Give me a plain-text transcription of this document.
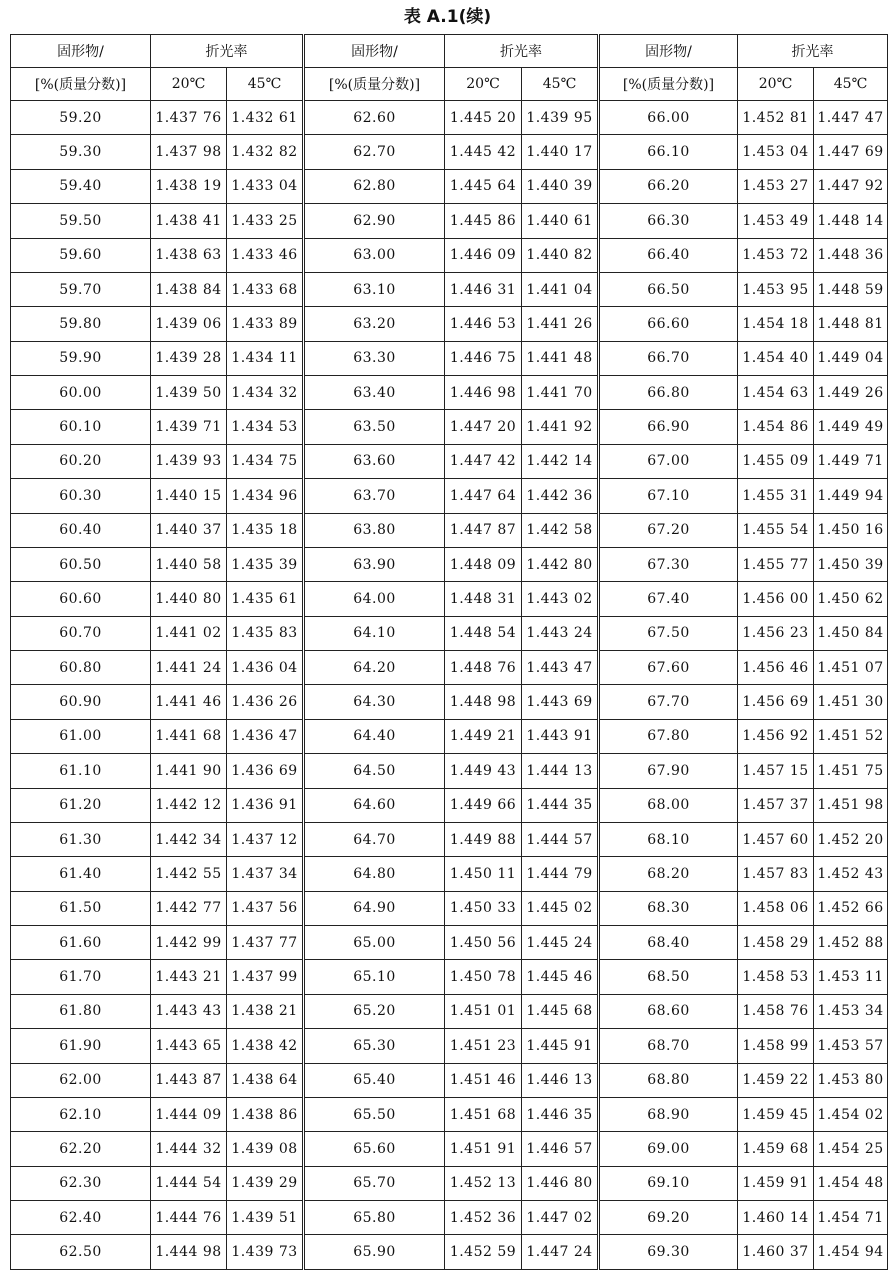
表 A.1(续)
固形物/	折光率		固形物/	折光率		固形物/	折光率	
[%(质量分数)]	20℃	45℃	[%(质量分数)]	20℃	45℃	[%(质量分数)]	20℃	45℃
59.20	1.437 76	1.432 61	62.60	1.445 20	1.439 95	66.00	1.452 81	1.447 47
59.30	1.437 98	1.432 82	62.70	1.445 42	1.440 17	66.10	1.453 04	1.447 69
59.40	1.438 19	1.433 04	62.80	1.445 64	1.440 39	66.20	1.453 27	1.447 92
59.50	1.438 41	1.433 25	62.90	1.445 86	1.440 61	66.30	1.453 49	1.448 14
59.60	1.438 63	1.433 46	63.00	1.446 09	1.440 82	66.40	1.453 72	1.448 36
59.70	1.438 84	1.433 68	63.10	1.446 31	1.441 04	66.50	1.453 95	1.448 59
59.80	1.439 06	1.433 89	63.20	1.446 53	1.441 26	66.60	1.454 18	1.448 81
59.90	1.439 28	1.434 11	63.30	1.446 75	1.441 48	66.70	1.454 40	1.449 04
60.00	1.439 50	1.434 32	63.40	1.446 98	1.441 70	66.80	1.454 63	1.449 26
60.10	1.439 71	1.434 53	63.50	1.447 20	1.441 92	66.90	1.454 86	1.449 49
60.20	1.439 93	1.434 75	63.60	1.447 42	1.442 14	67.00	1.455 09	1.449 71
60.30	1.440 15	1.434 96	63.70	1.447 64	1.442 36	67.10	1.455 31	1.449 94
60.40	1.440 37	1.435 18	63.80	1.447 87	1.442 58	67.20	1.455 54	1.450 16
60.50	1.440 58	1.435 39	63.90	1.448 09	1.442 80	67.30	1.455 77	1.450 39
60.60	1.440 80	1.435 61	64.00	1.448 31	1.443 02	67.40	1.456 00	1.450 62
60.70	1.441 02	1.435 83	64.10	1.448 54	1.443 24	67.50	1.456 23	1.450 84
60.80	1.441 24	1.436 04	64.20	1.448 76	1.443 47	67.60	1.456 46	1.451 07
60.90	1.441 46	1.436 26	64.30	1.448 98	1.443 69	67.70	1.456 69	1.451 30
61.00	1.441 68	1.436 47	64.40	1.449 21	1.443 91	67.80	1.456 92	1.451 52
61.10	1.441 90	1.436 69	64.50	1.449 43	1.444 13	67.90	1.457 15	1.451 75
61.20	1.442 12	1.436 91	64.60	1.449 66	1.444 35	68.00	1.457 37	1.451 98
61.30	1.442 34	1.437 12	64.70	1.449 88	1.444 57	68.10	1.457 60	1.452 20
61.40	1.442 55	1.437 34	64.80	1.450 11	1.444 79	68.20	1.457 83	1.452 43
61.50	1.442 77	1.437 56	64.90	1.450 33	1.445 02	68.30	1.458 06	1.452 66
61.60	1.442 99	1.437 77	65.00	1.450 56	1.445 24	68.40	1.458 29	1.452 88
61.70	1.443 21	1.437 99	65.10	1.450 78	1.445 46	68.50	1.458 53	1.453 11
61.80	1.443 43	1.438 21	65.20	1.451 01	1.445 68	68.60	1.458 76	1.453 34
61.90	1.443 65	1.438 42	65.30	1.451 23	1.445 91	68.70	1.458 99	1.453 57
62.00	1.443 87	1.438 64	65.40	1.451 46	1.446 13	68.80	1.459 22	1.453 80
62.10	1.444 09	1.438 86	65.50	1.451 68	1.446 35	68.90	1.459 45	1.454 02
62.20	1.444 32	1.439 08	65.60	1.451 91	1.446 57	69.00	1.459 68	1.454 25
62.30	1.444 54	1.439 29	65.70	1.452 13	1.446 80	69.10	1.459 91	1.454 48
62.40	1.444 76	1.439 51	65.80	1.452 36	1.447 02	69.20	1.460 14	1.454 71
62.50	1.444 98	1.439 73	65.90	1.452 59	1.447 24	69.30	1.460 37	1.454 94
